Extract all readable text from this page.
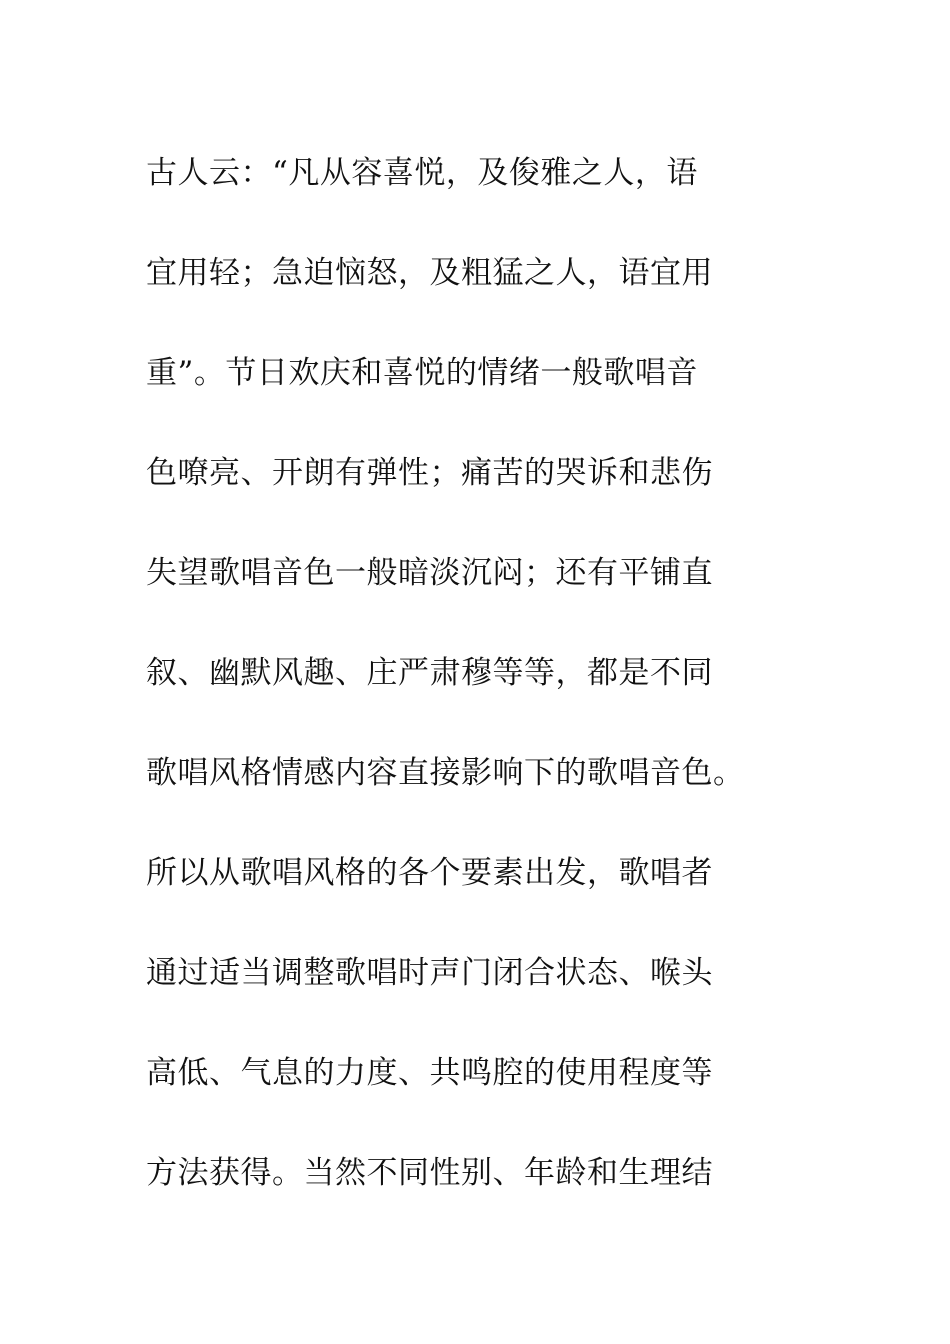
古人云：“凡从容喜悦，及俊雅之人，语
宜用轻；急迫恼怒，及粗猛之人，语宜用
重”。节日欢庆和喜悦的情绪一般歌唱音
色嘹亮、开朗有弹性；痛苦的哭诉和悲伤
失望歌唱音色一般暗淡沉闷；还有平铺直
叙、幽默风趣、庄严肃穆等等，都是不同
歌唱风格情感内容直接影响下的歌唱音色。
所以从歌唱风格的各个要素出发，歌唱者
通过适当调整歌唱时声门闭合状态、喉头
高低、气息的力度、共鸣腔的使用程度等
方法获得。当然不同性别、年龄和生理结
